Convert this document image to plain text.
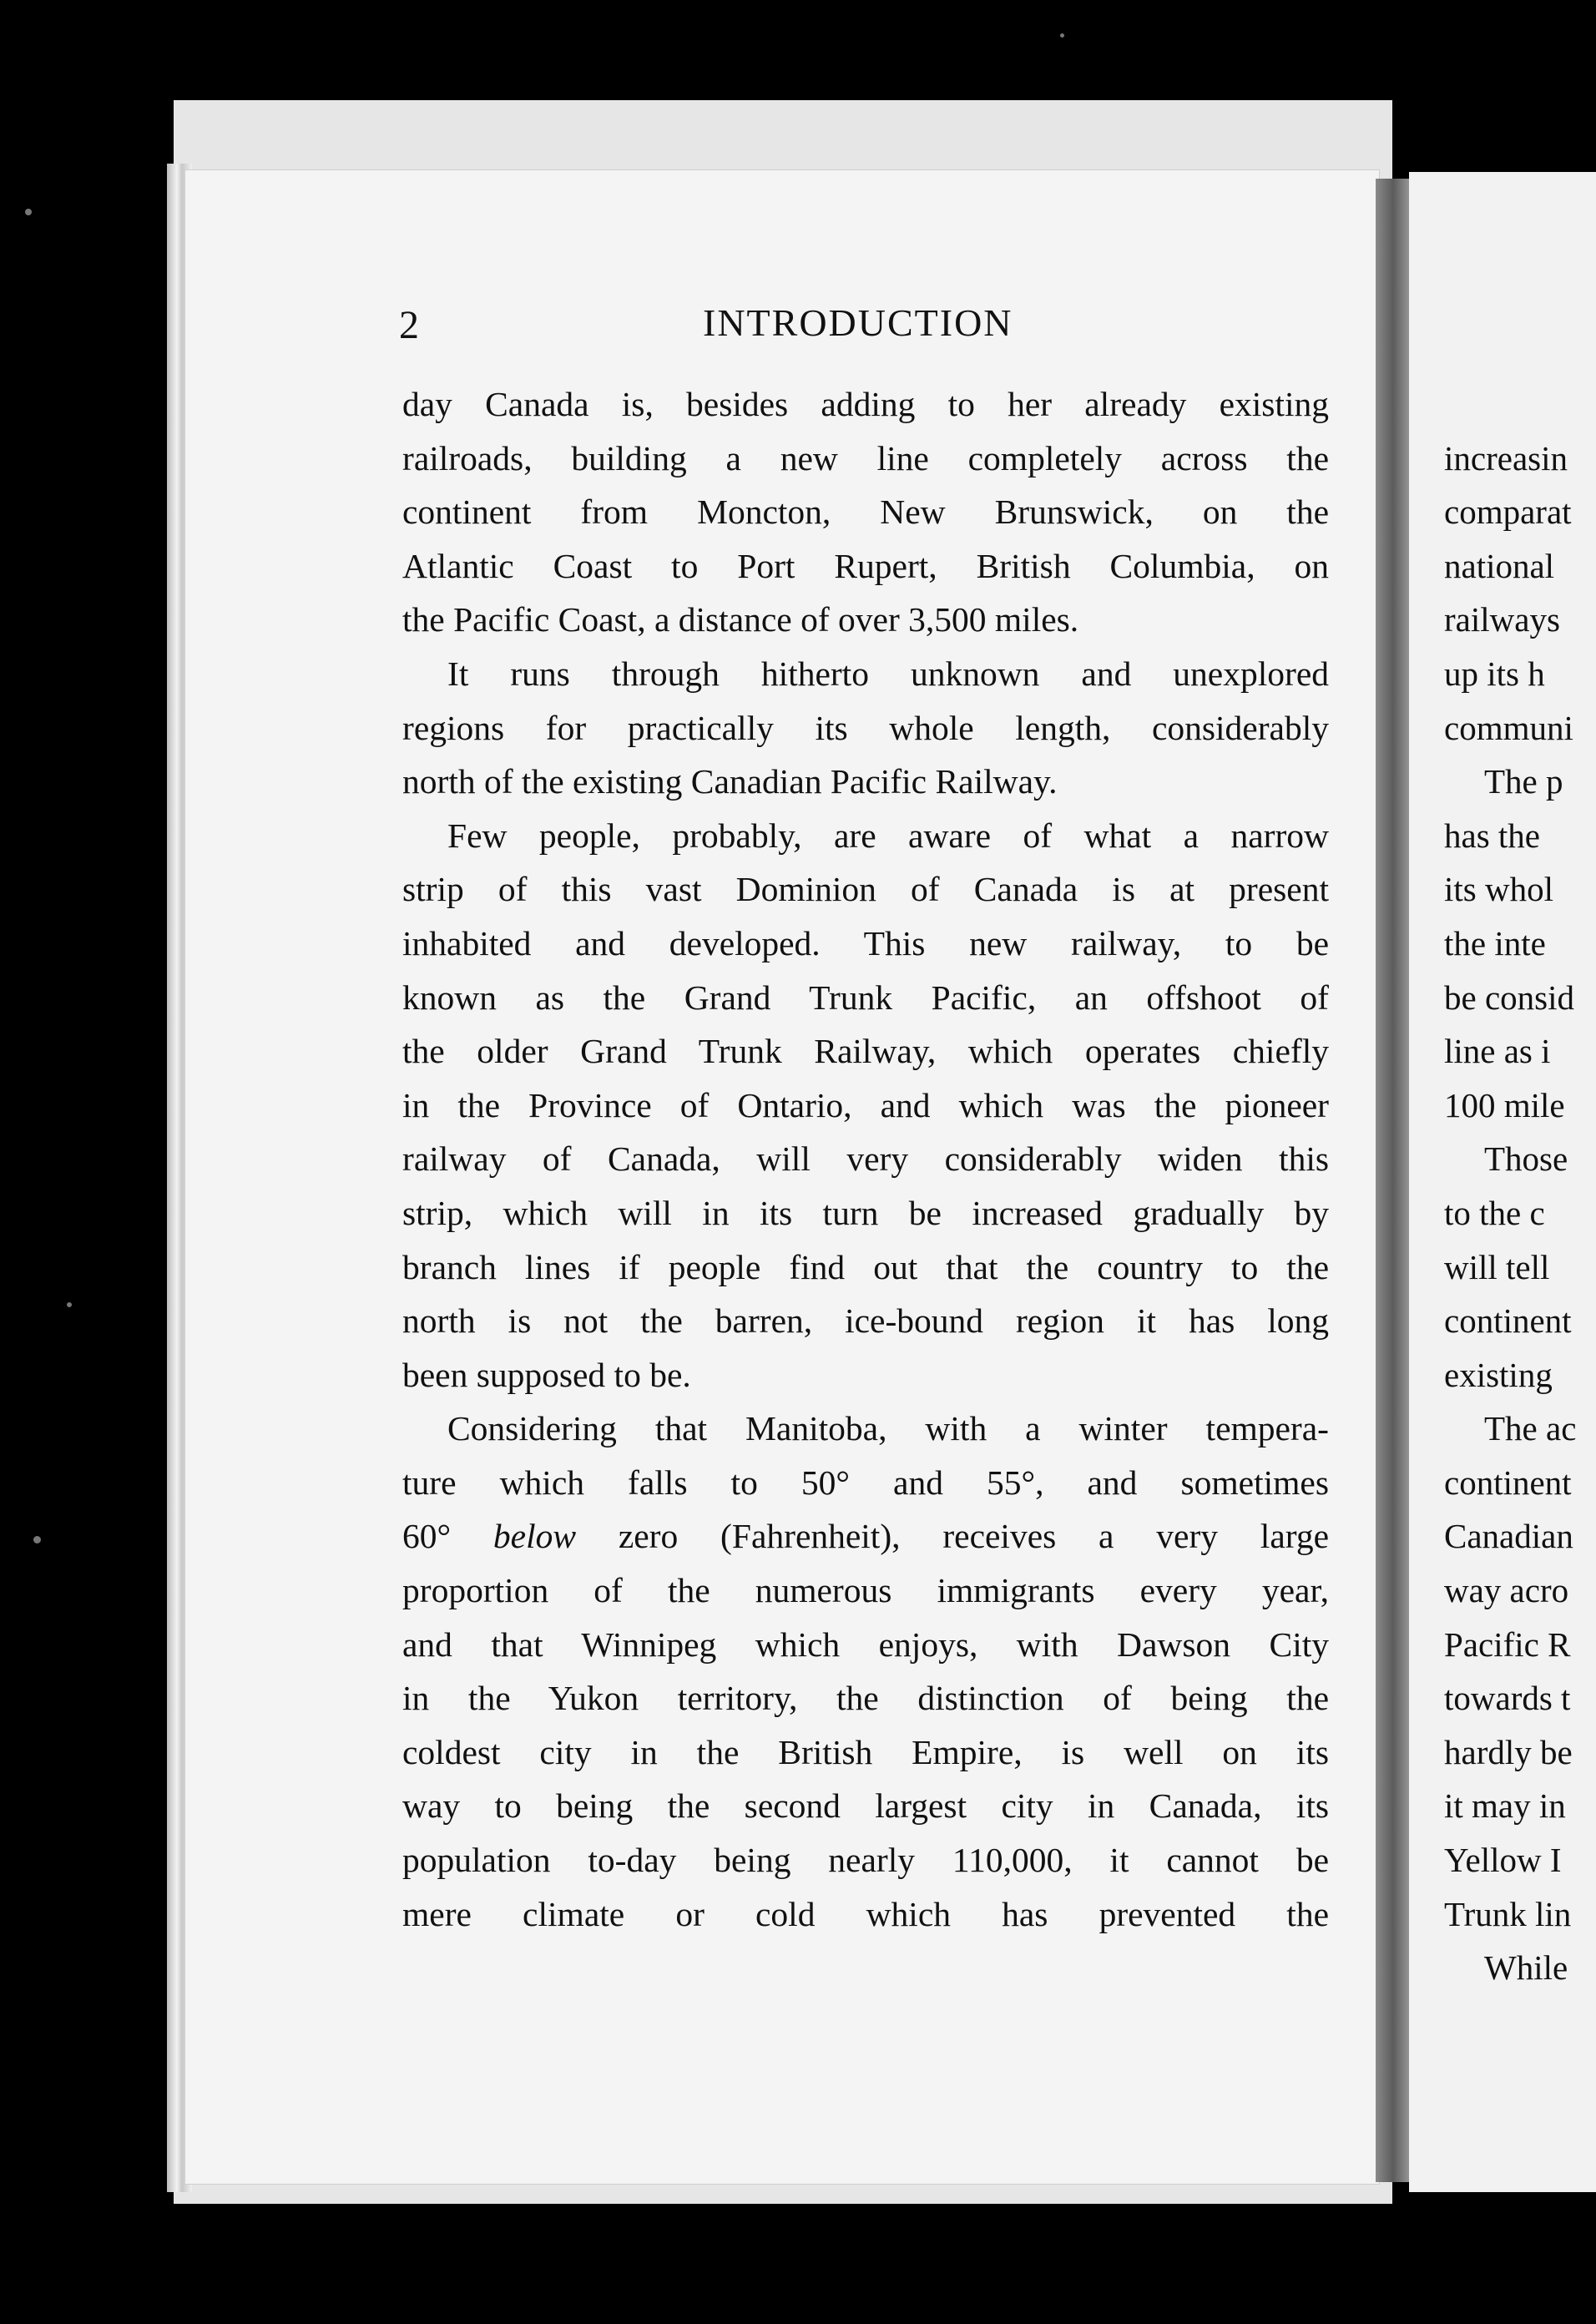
2	INTRODUCTION
day Canada is, besides adding to her already existing
railroads, building a new line completely across the
continent from Moncton, New Brunswick, on the
Atlantic Coast to Port Rupert, British Columbia, on
the Pacific Coast, a distance of over 3,500 miles.
It runs through hitherto unknown and unexplored
regions for practically its whole length, considerably
north of the existing Canadian Pacific Railway.
Few people, probably, are aware of what a narrow
strip of this vast Dominion of Canada is at present
inhabited and developed. This new railway, to be
known as the Grand Trunk Pacific, an offshoot of
the older Grand Trunk Railway, which operates chiefly
in the Province of Ontario, and which was the pioneer
railway of Canada, will very considerably widen this
strip, which will in its turn be increased gradually by
branch lines if people find out that the country to the
north is not the barren, ice-bound region it has long
been supposed to be.
Considering that Manitoba, with a winter tempera-
ture which falls to 50° and 55°, and sometimes
60° below zero (Fahrenheit), receives a very large
proportion of the numerous immigrants every year,
and that Winnipeg which enjoys, with Dawson City
in the Yukon territory, the distinction of being the
coldest city in the British Empire, is well on its
way to being the second largest city in Canada, its
population to-day being nearly 110,000, it cannot be
mere climate or cold which has prevented the
increasin
comparat
national
railways
up its h
communi
The p
has the
its whol
the inte
be consid
line as i
100 mile
Those
to the c
will tell
continent
existing
The ac
continent
Canadian
way acro
Pacific R
towards t
hardly be
it may in
Yellow I
Trunk lin
While
